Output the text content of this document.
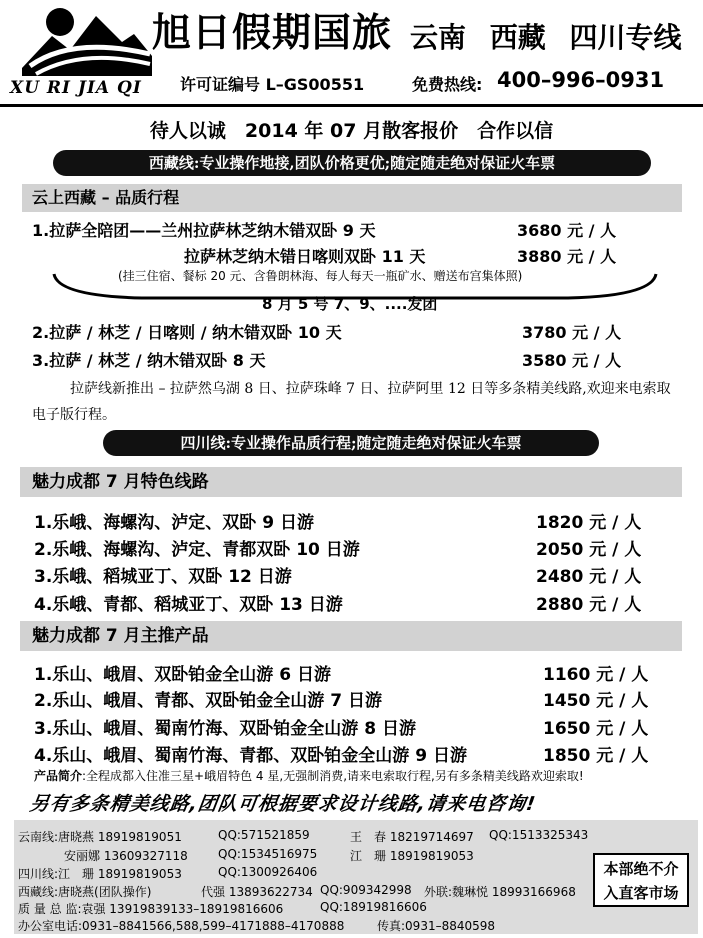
XU RI JIA QI
旭日假期国旅 云南 西藏 四川专线
许可证编号 L–GS00551	免费热线: 400–996–0931
待人以诚　2014 年 07 月散客报价　合作以信
西藏线:专业操作地接,团队价格更优;随定随走绝对保证火车票
云上西藏 – 品质行程
1.拉萨全陪团——兰州拉萨林芝纳木错双卧 9 天	3680 元 / 人
拉萨林芝纳木错日喀则双卧 11 天	3880 元 / 人
(挂三住宿、餐标 20 元、含鲁朗林海、每人每天一瓶矿水、赠送布宫集体照)
8 月 5 号 7、9、....发团
2.拉萨 / 林芝 / 日喀则 / 纳木错双卧 10 天	3780 元 / 人
3.拉萨 / 林芝 / 纳木错双卧 8 天	3580 元 / 人
拉萨线新推出 – 拉萨然乌湖 8 日、拉萨珠峰 7 日、拉萨阿里 12 日等多条精美线路,欢迎来电索取电子版行程。
四川线:专业操作品质行程;随定随走绝对保证火车票
魅力成都 7 月特色线路
1.乐峨、海螺沟、泸定、双卧 9 日游	1820 元 / 人
2.乐峨、海螺沟、泸定、青都双卧 10 日游	2050 元 / 人
3.乐峨、稻城亚丁、双卧 12 日游	2480 元 / 人
4.乐峨、青都、稻城亚丁、双卧 13 日游	2880 元 / 人
魅力成都 7 月主推产品
1.乐山、峨眉、双卧铂金全山游 6 日游	1160 元 / 人
2.乐山、峨眉、青都、双卧铂金全山游 7 日游	1450 元 / 人
3.乐山、峨眉、蜀南竹海、双卧铂金全山游 8 日游	1650 元 / 人
4.乐山、峨眉、蜀南竹海、青都、双卧铂金全山游 9 日游	1850 元 / 人
产品简介:全程成都入住准三星+峨眉特色 4 星,无强制消费,请来电索取行程,另有多条精美线路欢迎索取!
另有多条精美线路,团队可根据要求设计线路,请来电咨询!
云南线:唐晓燕 18919819051	QQ:571521859	王　春 18219714697 QQ:1513325343
安丽娜 13609327118	QQ:1534516975	江　珊 18919819053
四川线:江　珊 18919819053	QQ:1300926406
西藏线:唐晓燕(团队操作)	代强 13893622734 QQ:909342998 外联:魏琳悦 18993166968
质 量 总 监:袁强 13919839133–18919816606	QQ:18919816606
办公室电话:0931–8841566,588,599–4171888–4170888	传真:0931–8840598
本部绝不介
入直客市场
